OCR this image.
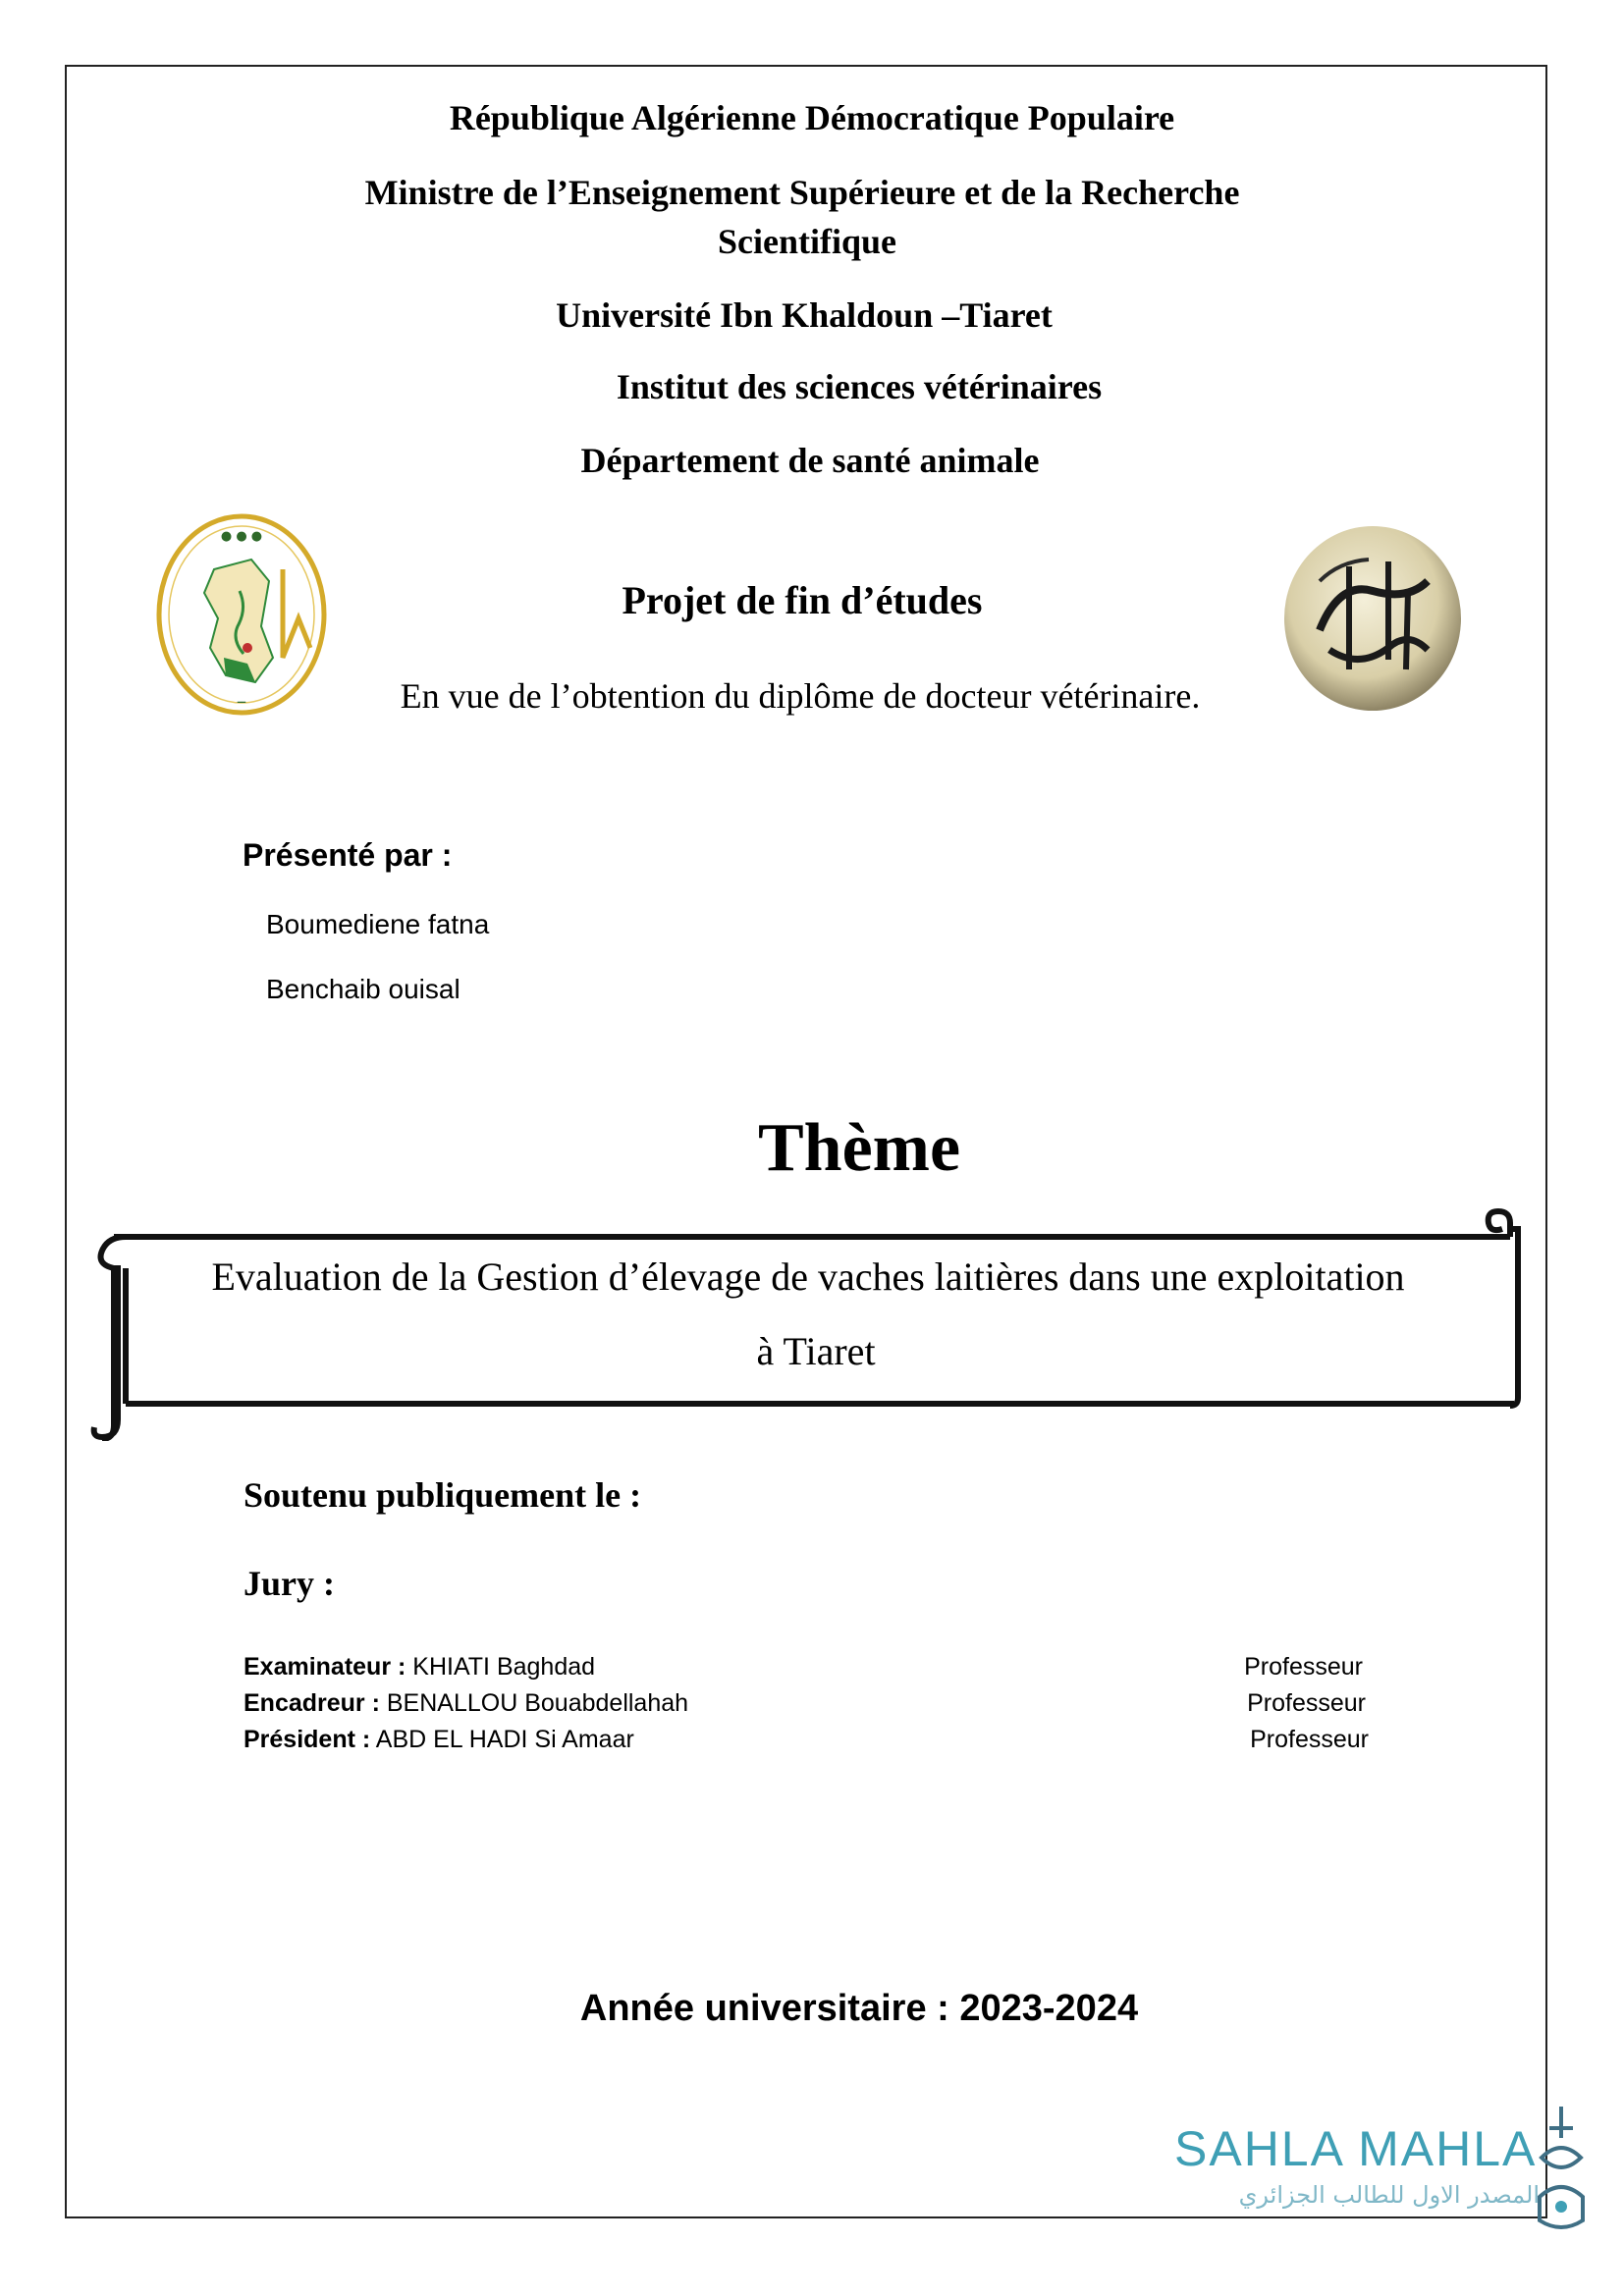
République Algérienne Démocratique Populaire
Ministre de l’Enseignement Supérieure et de la Recherche
Scientifique
Université Ibn Khaldoun –Tiaret
Institut des sciences vétérinaires
Département de santé animale
● ● ●
ــ
Projet de fin d’études
En vue de l’obtention du diplôme de docteur vétérinaire.
Présenté par :
Boumediene fatna
Benchaib ouisal
Thème
Evaluation de la Gestion d’élevage de vaches laitières dans une exploitation
à Tiaret
Soutenu publiquement le :
Jury :
Examinateur : KHIATI Baghdad	Professeur
Encadreur : BENALLOU Bouabdellahah	Professeur
Président : ABD EL HADI Si Amaar	Professeur
Année universitaire : 2023-2024
SAHLA MAHLA
المصدر الاول للطالب الجزائري
